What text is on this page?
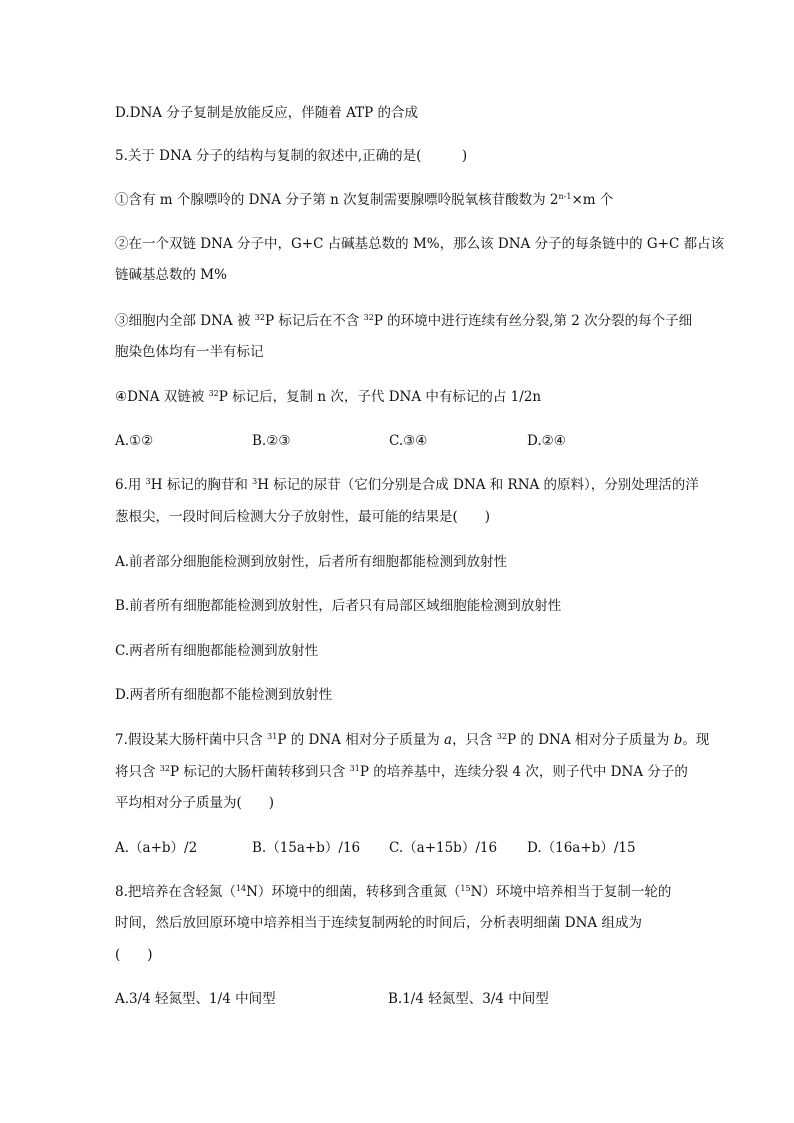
D.DNA 分子复制是放能反应，伴随着 ATP 的合成
5.关于 DNA 分子的结构与复制的叙述中,正确的是(　　　)
①含有 m 个腺嘌呤的 DNA 分子第 n 次复制需要腺嘌呤脱氧核苷酸数为 $2^{n-1}\times m$ 个
②在一个双链 DNA 分子中，G+C 占碱基总数的 M%，那么该 DNA 分子的每条链中的 G+C 都占该
链碱基总数的 M%
③细胞内全部 DNA 被 $^{32}$P 标记后在不含 $^{32}$P 的环境中进行连续有丝分裂,第 2 次分裂的每个子细
胞染色体均有一半有标记
④DNA 双链被 $^{32}$P 标记后，复制 n 次，子代 DNA 中有标记的占 1/2n
A.①②	B.②③	C.③④	D.②④
6.用 $^3$H 标记的胸苷和 $^3$H 标记的尿苷（它们分别是合成 DNA 和 RNA 的原料），分别处理活的洋
葱根尖，一段时间后检测大分子放射性，最可能的结果是(　　)
A.前者部分细胞能检测到放射性，后者所有细胞都能检测到放射性
B.前者所有细胞都能检测到放射性，后者只有局部区域细胞能检测到放射性
C.两者所有细胞都能检测到放射性
D.两者所有细胞都不能检测到放射性
7.假设某大肠杆菌中只含 $^{31}$P 的 DNA 相对分子质量为 a，只含 $^{32}$P 的 DNA 相对分子质量为 b。现
将只含 $^{32}$P 标记的大肠杆菌转移到只含 $^{31}$P 的培养基中，连续分裂 4 次，则子代中 DNA 分子的
平均相对分子质量为(　　)
A.（a+b）/2	B.（15a+b）/16 C.（a+15b）/16 D.（16a+b）/15
8.把培养在含轻氮（$^{14}$N）环境中的细菌，转移到含重氮（$^{15}$N）环境中培养相当于复制一轮的
时间，然后放回原环境中培养相当于连续复制两轮的时间后，分析表明细菌 DNA 组成为
(　　)
A.3/4 轻氮型、1/4 中间型	B.1/4 轻氮型、3/4 中间型
